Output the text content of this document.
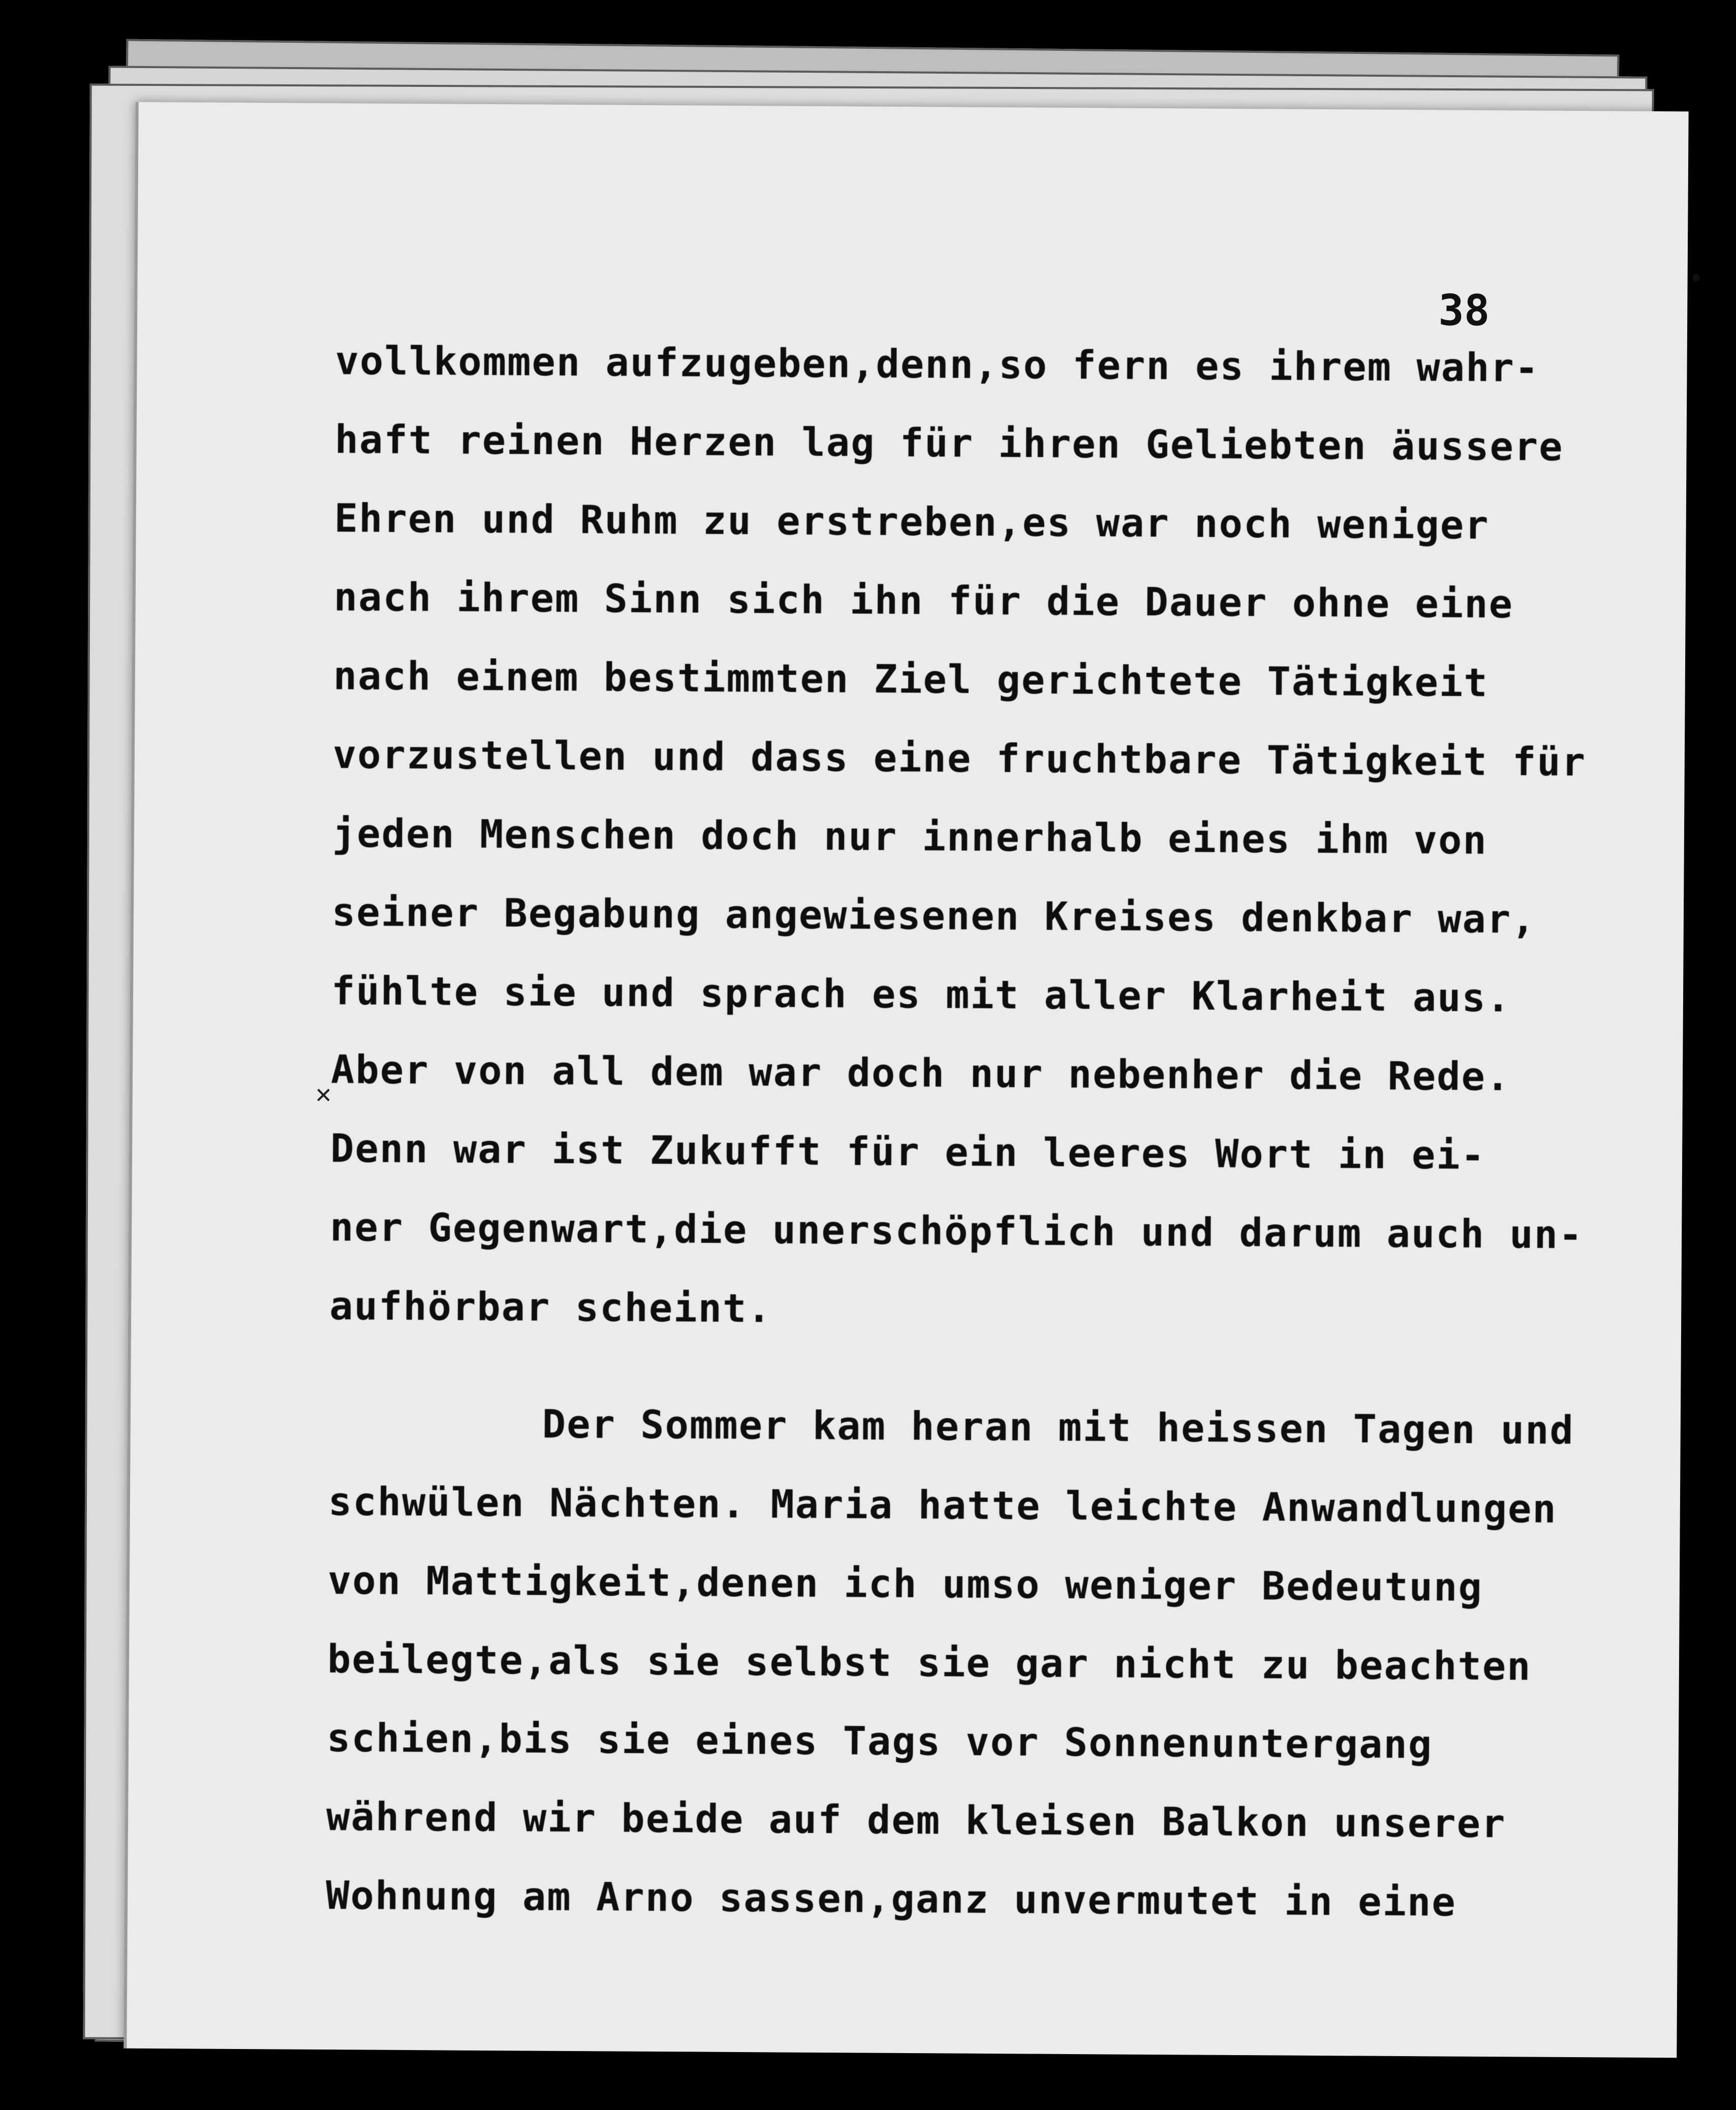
38
✕
vollkommen aufzugeben,denn,so fern es ihrem wahr-
haft reinen Herzen lag für ihren Geliebten äussere
Ehren und Ruhm zu erstreben,es war noch weniger
nach ihrem Sinn sich ihn für die Dauer ohne eine
nach einem bestimmten Ziel gerichtete Tätigkeit
vorzustellen und dass eine fruchtbare Tätigkeit für
jeden Menschen doch nur innerhalb eines ihm von
seiner Begabung angewiesenen Kreises denkbar war,
fühlte sie und sprach es mit aller Klarheit aus.
Aber von all dem war doch nur nebenher die Rede.
Denn war ist Zukufft für ein leeres Wort in ei-
ner Gegenwart,die unerschöpflich und darum auch un-
aufhörbar scheint.
Der Sommer kam heran mit heissen Tagen und
schwülen Nächten. Maria hatte leichte Anwandlungen
von Mattigkeit,denen ich umso weniger Bedeutung
beilegte,als sie selbst sie gar nicht zu beachten
schien,bis sie eines Tags vor Sonnenuntergang
während wir beide auf dem kleisen Balkon unserer
Wohnung am Arno sassen,ganz unvermutet in eine
